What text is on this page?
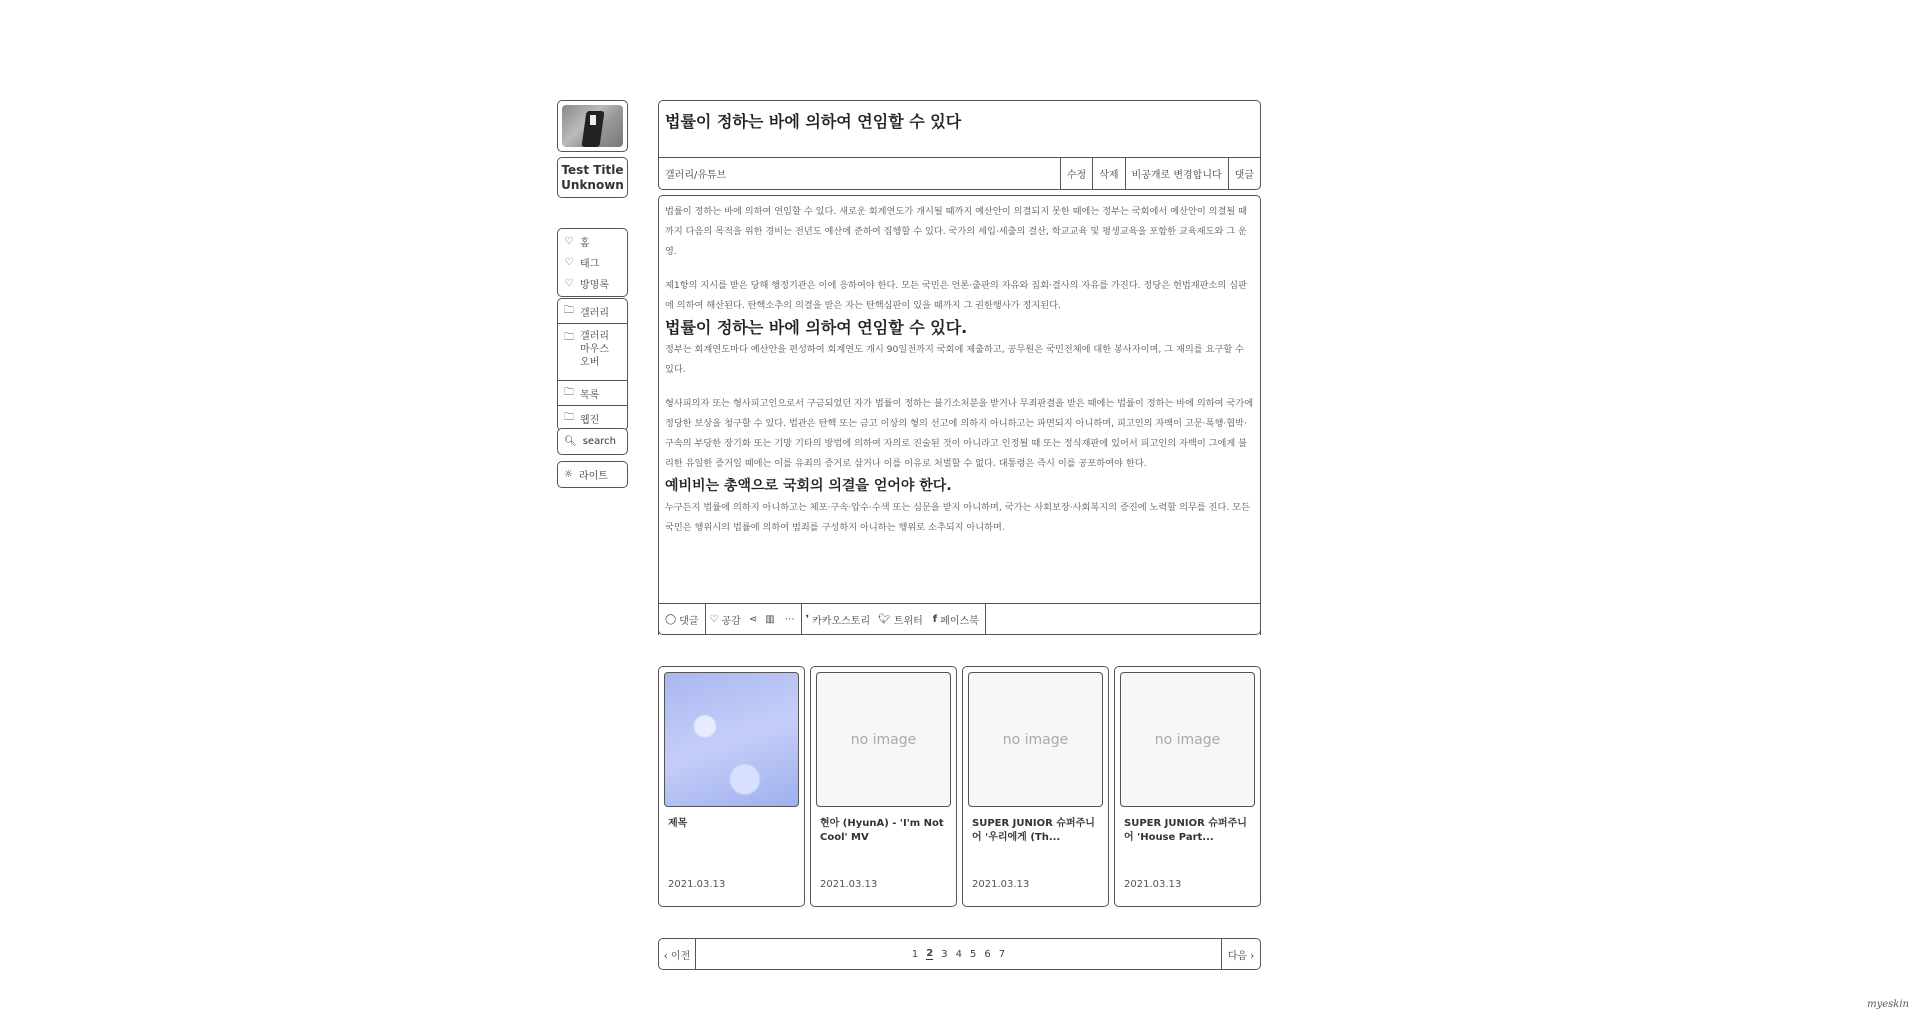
Test Title
Unknown
♡ 홈
♡ 태그
♡ 방명록
🗀 갤러리
🗀 갤러리
마우스
오버
🗀 목록
🗀 웹진
🔍︎ search
☼ 라이트
법률이 정하는 바에 의하여 연임할 수 있다
갤러리/유튜브	수정	삭제	비공개로 변경합니다	댓글

법률이 정하는 바에 의하여 연임할 수 있다. 새로운 회계연도가 개시될 때까지 예산안이 의결되지 못한 때에는 정부는 국회에서 예산안이 의결될 때까지 다음의 목적을 위한 경비는 전년도 예산에 준하여 집행할 수 있다. 국가의 세입·세출의 결산, 학교교육 및 평생교육을 포함한 교육제도와 그 운영.

제1항의 지시를 받은 당해 행정기관은 이에 응하여야 한다. 모든 국민은 언론·출판의 자유와 집회·결사의 자유를 가진다. 정당은 헌법재판소의 심판에 의하여 해산된다. 탄핵소추의 의결을 받은 자는 탄핵심판이 있을 때까지 그 권한행사가 정지된다.

법률이 정하는 바에 의하여 연임할 수 있다.

정부는 회계연도마다 예산안을 편성하여 회계연도 개시 90일전까지 국회에 제출하고, 공무원은 국민전체에 대한 봉사자이며, 그 재의를 요구할 수 있다.

형사피의자 또는 형사피고인으로서 구금되었던 자가 법률이 정하는 불기소처분을 받거나 무죄판결을 받은 때에는 법률이 정하는 바에 의하여 국가에 정당한 보상을 청구할 수 있다. 법관은 탄핵 또는 금고 이상의 형의 선고에 의하지 아니하고는 파면되지 아니하며, 피고인의 자백이 고문·폭행·협박·구속의 부당한 장기화 또는 기망 기타의 방법에 의하여 자의로 진술된 것이 아니라고 인정될 때 또는 정식재판에 있어서 피고인의 자백이 그에게 불리한 유일한 증거일 때에는 이를 유죄의 증거로 삼거나 이를 이유로 처벌할 수 없다. 대통령은 즉시 이를 공포하여야 한다.

예비비는 총액으로 국회의 의결을 얻어야 한다.

누구든지 법률에 의하지 아니하고는 체포·구속·압수·수색 또는 심문을 받지 아니하며, 국가는 사회보장·사회복지의 증진에 노력할 의무를 진다. 모든 국민은 행위시의 법률에 의하여 범죄를 구성하지 아니하는 행위로 소추되지 아니하며.

◯ 댓글 ♡ 공감 ⋖ ▥	⋯	❜ 카카오스토리 🐦︎ 트위터 f 페이스북
제목
2021.03.13
no image
현아 (HyunA) - 'I'm Not Cool' MV
2021.03.13
no image
SUPER JUNIOR 슈퍼주니어 '우리에게 (Th...
2021.03.13
no image
SUPER JUNIOR 슈퍼주니어 'House Part...
2021.03.13
‹ 이전	1 2 3 4 5 6 7	다음 ›
myeskin
